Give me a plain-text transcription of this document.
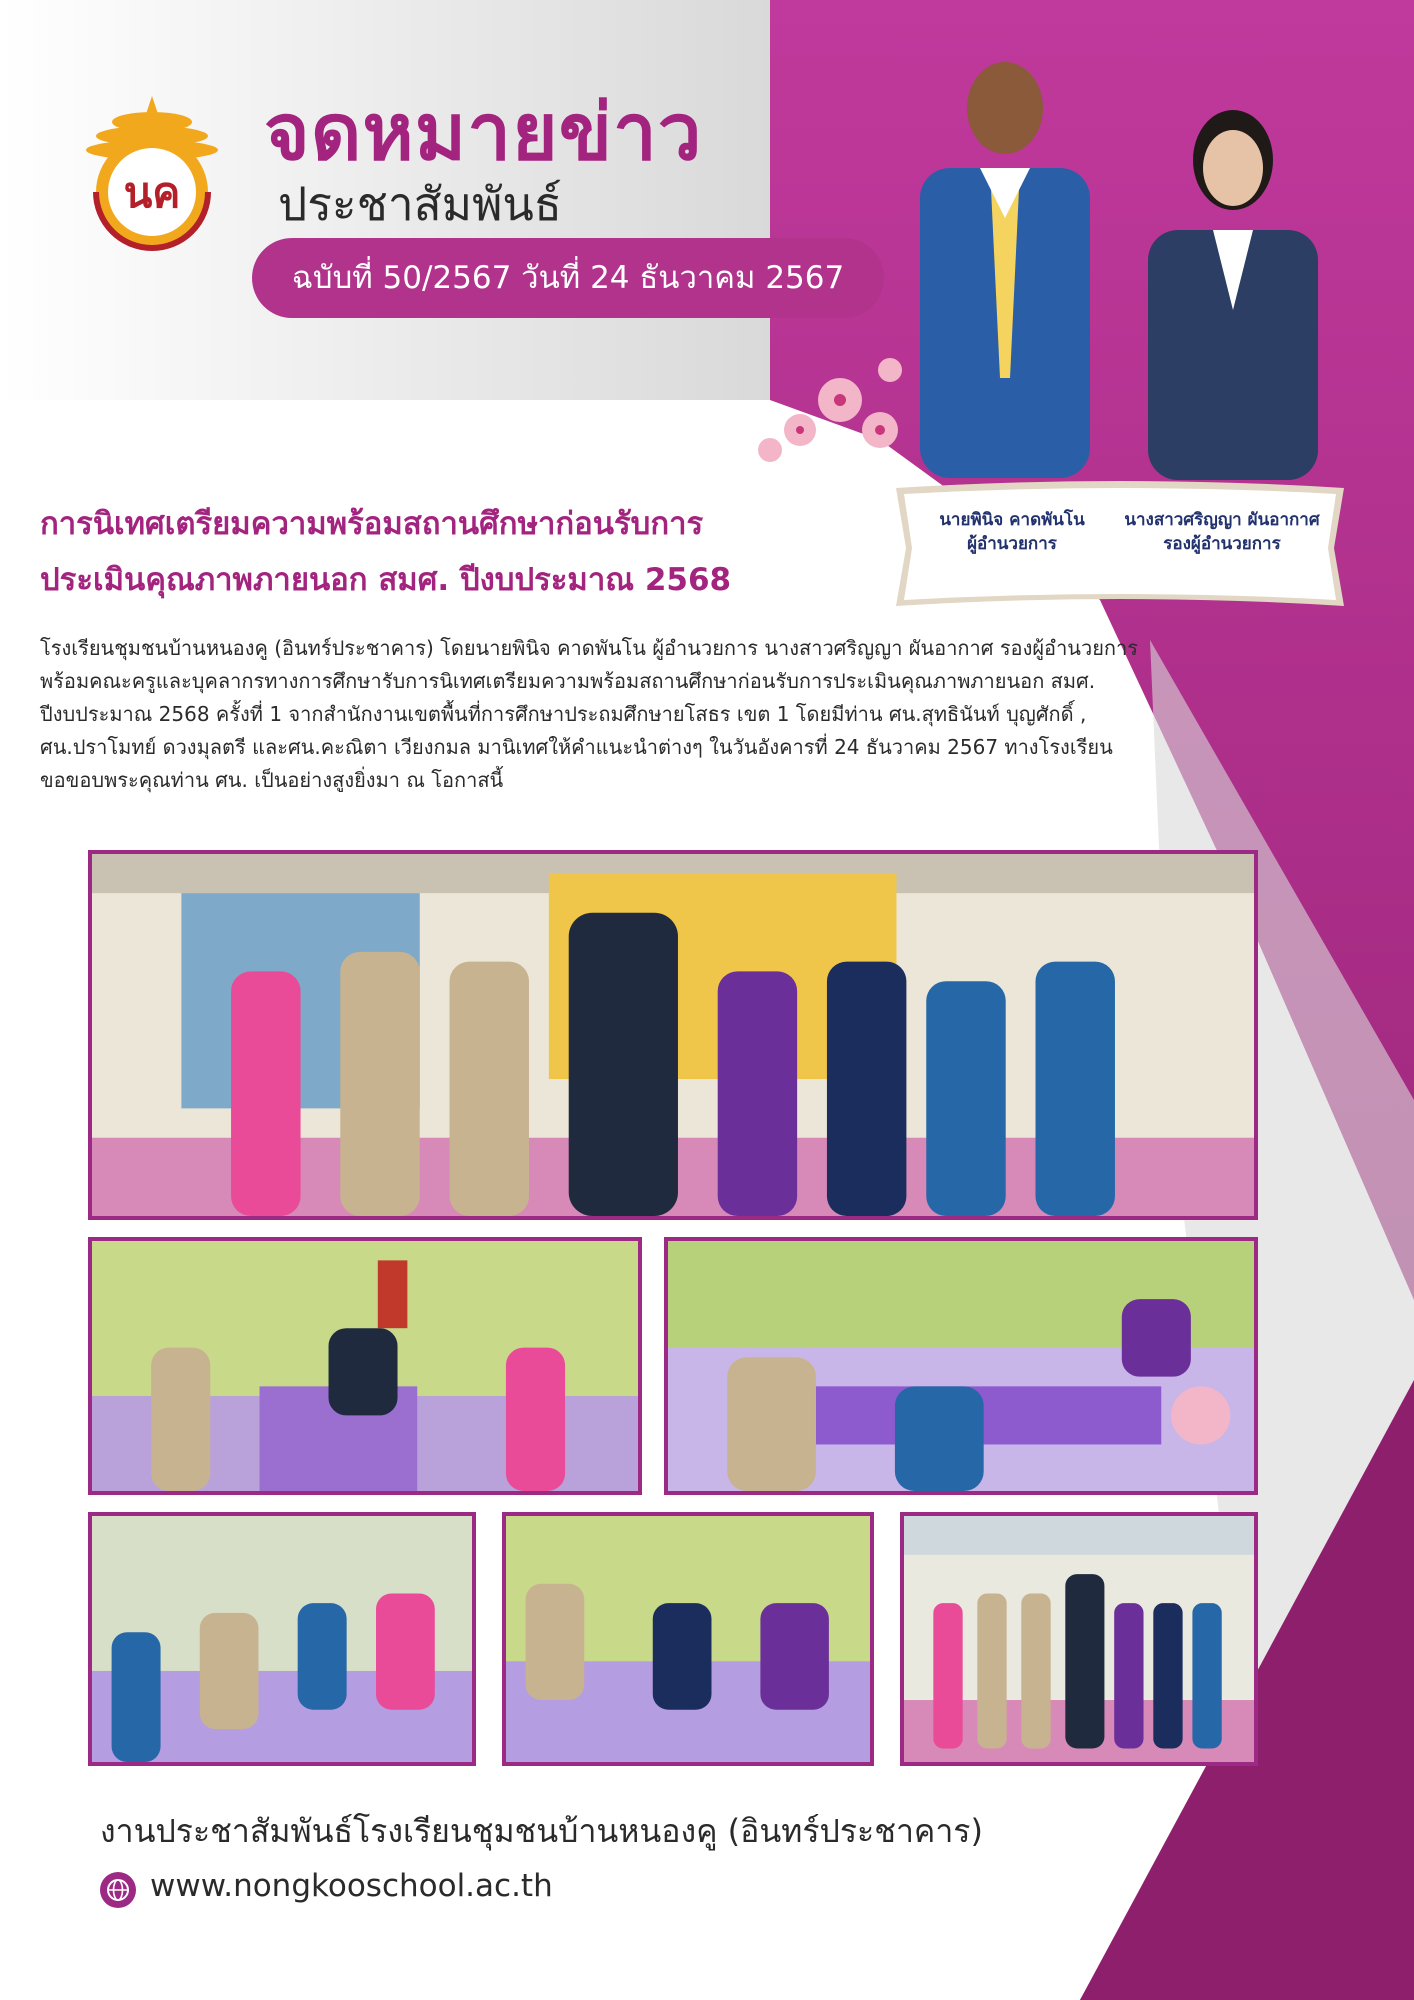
นค
จดหมายข่าว
ประชาสัมพันธ์
ฉบับที่ 50/2567 วันที่ 24 ธันวาคม 2567
นายพินิจ คาดพันโน
ผู้อำนวยการ
นางสาวศริญญา ผันอากาศ
รองผู้อำนวยการ
การนิเทศเตรียมความพร้อมสถานศึกษาก่อนรับการ
ประเมินคุณภาพภายนอก สมศ. ปีงบประมาณ 2568
โรงเรียนชุมชนบ้านหนองคู (อินทร์ประชาคาร) โดยนายพินิจ คาดพันโน ผู้อำนวยการ นางสาวศริญญา ผันอากาศ รองผู้อำนวยการ
พร้อมคณะครูและบุคลากรทางการศึกษารับการนิเทศเตรียมความพร้อมสถานศึกษาก่อนรับการประเมินคุณภาพภายนอก สมศ.
ปีงบประมาณ 2568 ครั้งที่ 1 จากสำนักงานเขตพื้นที่การศึกษาประถมศึกษายโสธร เขต 1 โดยมีท่าน ศน.สุทธินันท์ บุญศักดิ์ ,
ศน.ปราโมทย์ ดวงมุลตรี และศน.คะณิตา เวียงกมล มานิเทศให้คำแนะนำต่างๆ ในวันอังคารที่ 24 ธันวาคม 2567 ทางโรงเรียน
ขอขอบพระคุณท่าน ศน. เป็นอย่างสูงยิ่งมา ณ โอกาสนี้
งานประชาสัมพันธ์โรงเรียนชุมชนบ้านหนองคู (อินทร์ประชาคาร)
www.nongkooschool.ac.th
